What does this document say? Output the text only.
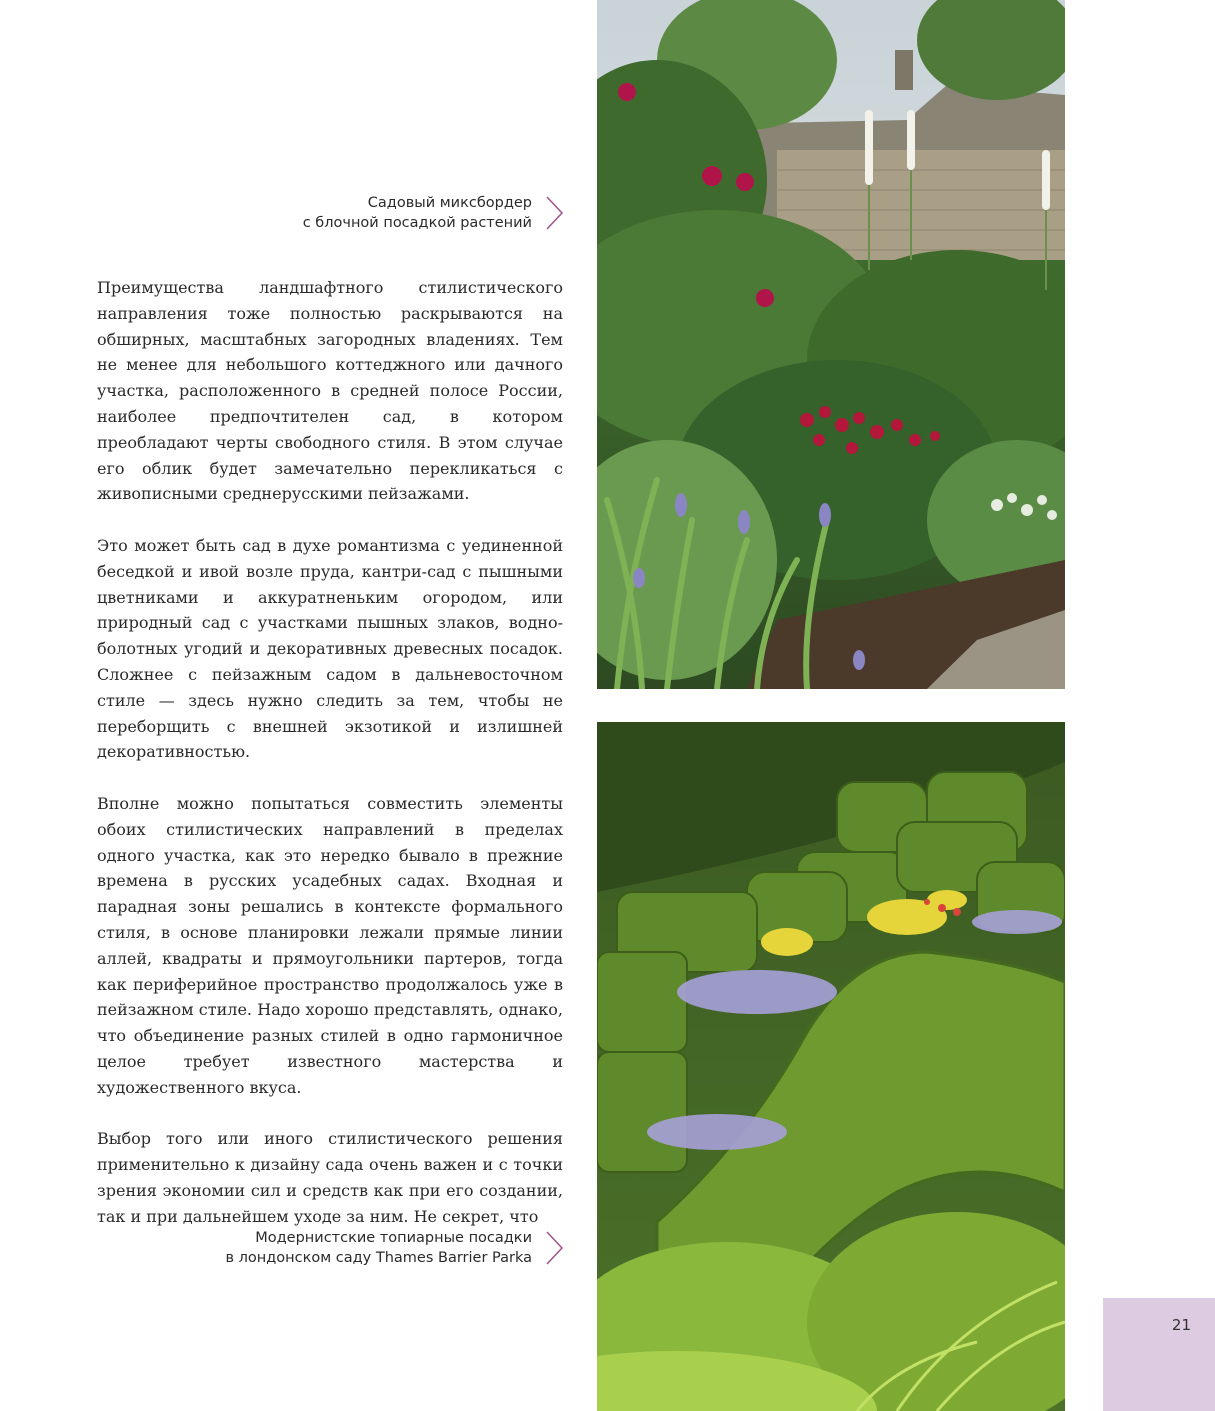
Садовый миксбордер
с блочной посадкой растений

Преимущества ландшафтного стилистического направления тоже полностью раскрываются на обширных, масштабных загородных владениях. Тем не менее для небольшого коттеджного или дачного участка, расположенного в средней полосе России, наиболее предпочтителен сад, в котором преобладают черты свободного стиля. В этом случае его облик будет замечательно перекликаться с живописными среднерусскими пейзажами.

Это может быть сад в духе романтизма с уединенной беседкой и ивой возле пруда, кантри-сад с пышными цветниками и аккуратненьким огородом, или природный сад с участками пышных злаков, водно-болотных угодий и декоративных древесных посадок. Сложнее с пейзажным садом в дальневосточном стиле — здесь нужно следить за тем, чтобы не переборщить с внешней экзотикой и излишней декоративностью.

Вполне можно попытаться совместить элементы обоих стилистических направлений в пределах одного участка, как это нередко бывало в прежние времена в русских усадебных садах. Входная и парадная зоны решались в контексте формального стиля, в основе планировки лежали прямые линии аллей, квадраты и прямоугольники партеров, тогда как периферийное пространство продолжалось уже в пейзажном стиле. Надо хорошо представлять, однако, что объединение разных стилей в одно гармоничное целое требует известного мастерства и художественного вкуса.

Выбор того или иного стилистического решения применительно к дизайну сада очень важен и с точки зрения экономии сил и средств как при его создании, так и при дальнейшем уходе за ним. Не секрет, что

Модернистские топиарные посадки
в лондонском саду Thames Barrier Parka
21
